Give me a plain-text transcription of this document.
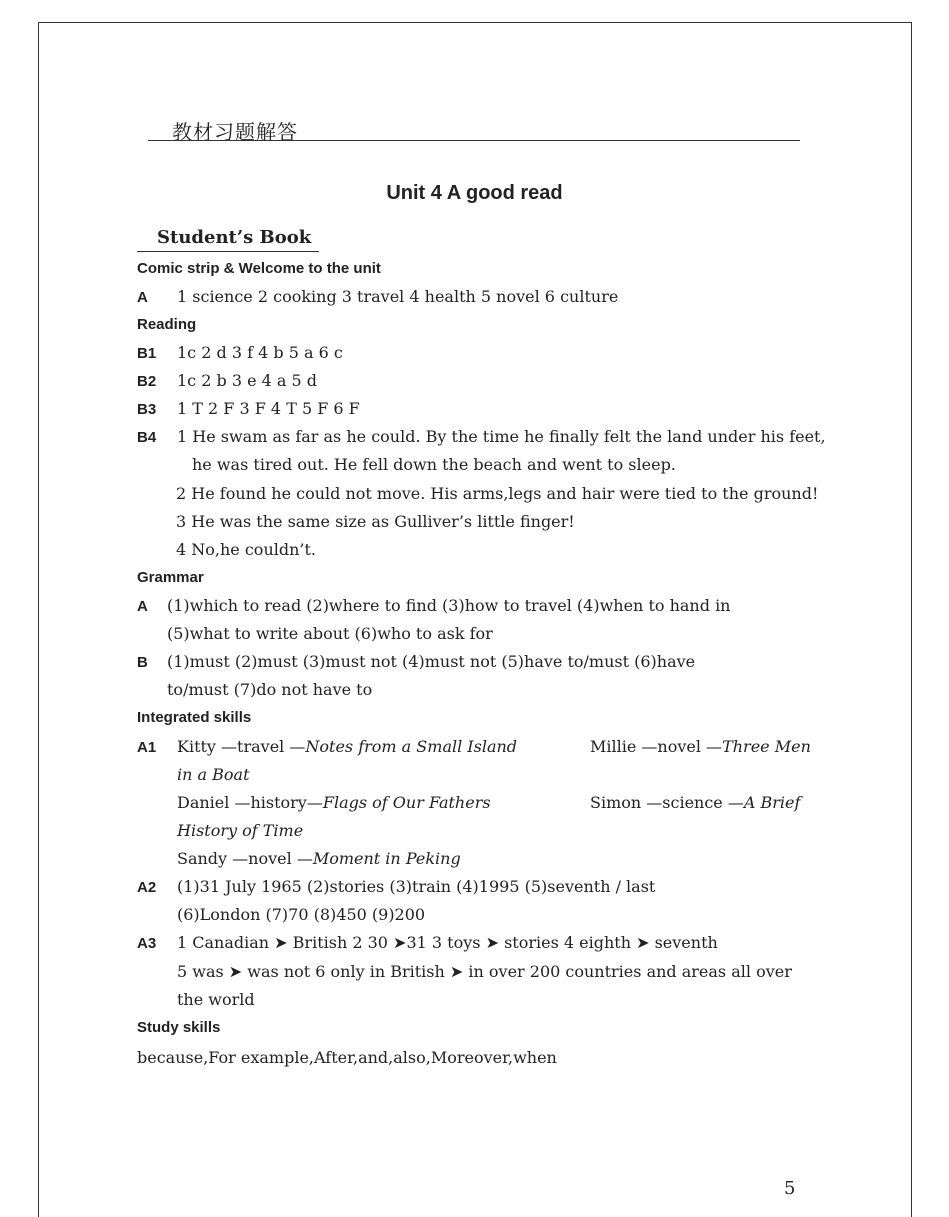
教材习题解答
Unit 4 A good read
Student’s Book
Comic strip & Welcome to the unit
A 1 science 2 cooking 3 travel 4 health 5 novel 6 culture
Reading
B1 1c 2 d 3 f 4 b 5 a 6 c
B2 1c 2 b 3 e 4 a 5 d
B3 1 T 2 F 3 F 4 T 5 F 6 F
B4 1 He swam as far as he could. By the time he finally felt the land under his feet,
he was tired out. He fell down the beach and went to sleep.
2 He found he could not move. His arms,legs and hair were tied to the ground!
3 He was the same size as Gulliver’s little finger!
4 No,he couldn’t.
Grammar
A (1)which to read (2)where to find (3)how to travel (4)when to hand in
(5)what to write about (6)who to ask for
B (1)must (2)must (3)must not (4)must not (5)have to/must (6)have
to/must (7)do not have to
Integrated skills
A1 Kitty —travel —Notes from a Small Island	Millie —novel —Three Men
in a Boat
Daniel —history—Flags of Our Fathers	Simon —science —A Brief
History of Time
Sandy —novel —Moment in Peking
A2 (1)31 July 1965 (2)stories (3)train (4)1995 (5)seventh / last
(6)London (7)70 (8)450 (9)200
A3 1 Canadian ➤ British 2 30 ➤31 3 toys ➤ stories 4 eighth ➤ seventh
5 was ➤ was not 6 only in British ➤ in over 200 countries and areas all over
the world
Study skills
because,For example,After,and,also,Moreover,when
5
